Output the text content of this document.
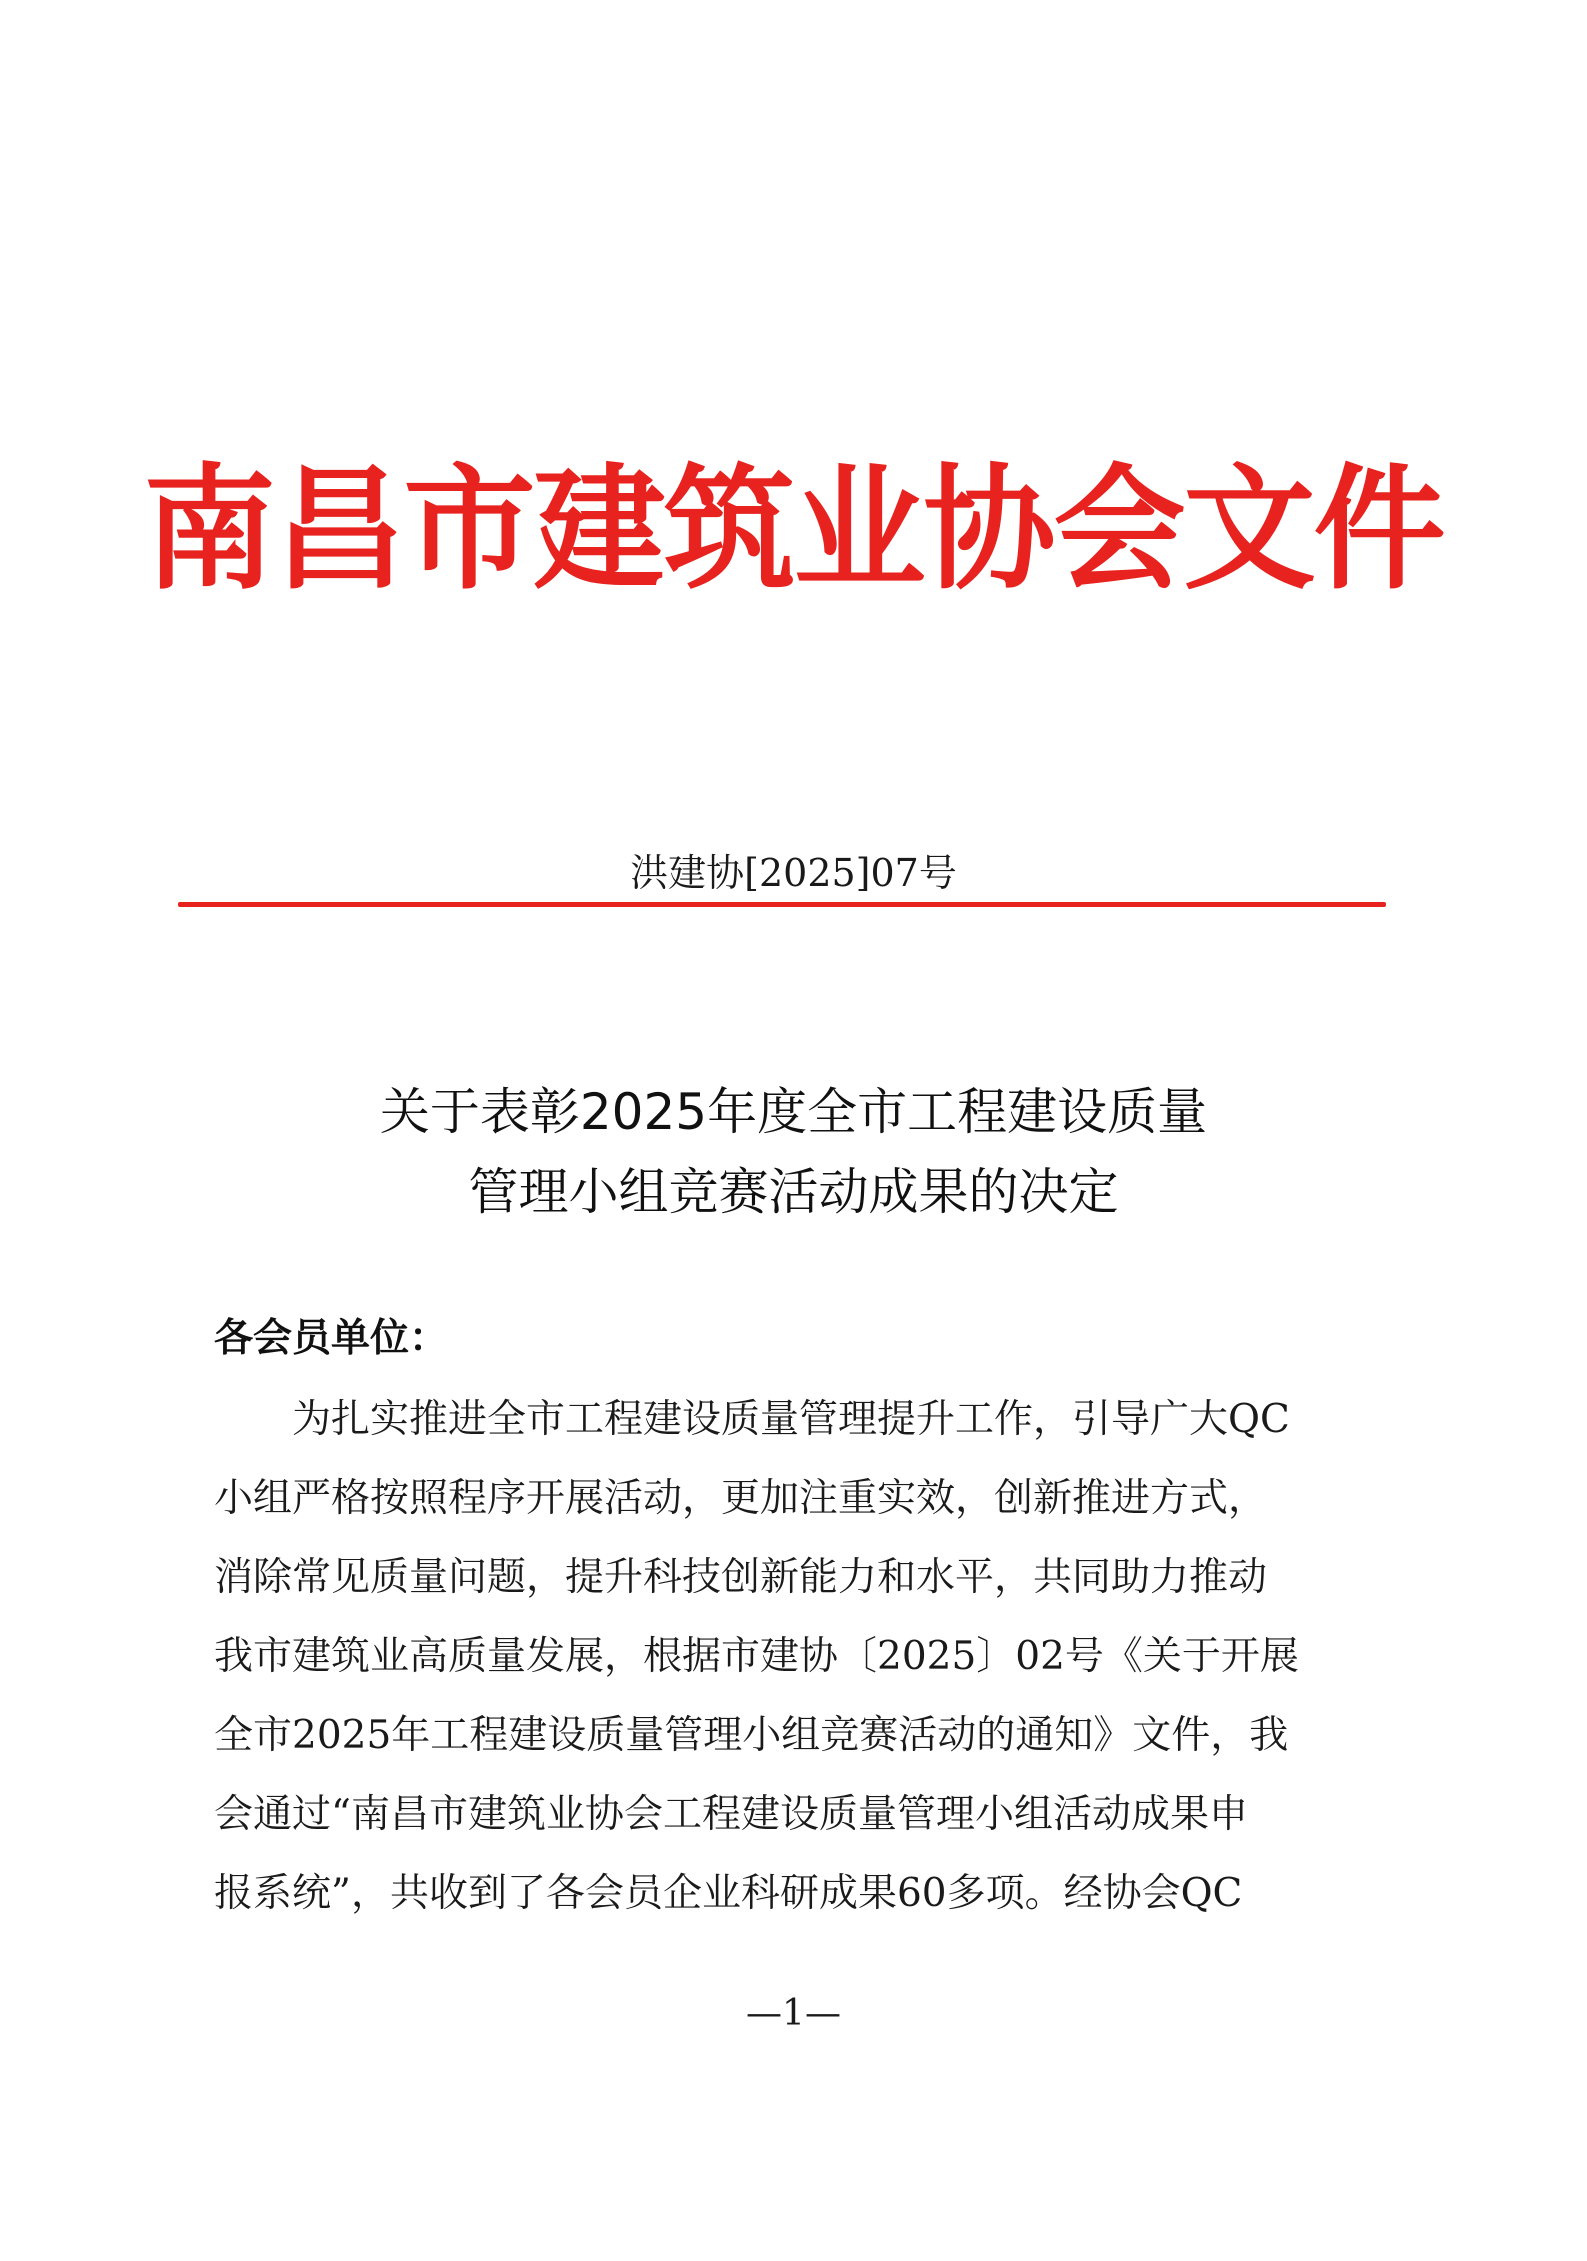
南昌市建筑业协会文件
洪建协[2025]07号
关于表彰2025年度全市工程建设质量
管理小组竞赛活动成果的决定
各会员单位：
为扎实推进全市工程建设质量管理提升工作，引导广大QC
小组严格按照程序开展活动，更加注重实效，创新推进方式，
消除常见质量问题，提升科技创新能力和水平，共同助力推动
我市建筑业高质量发展，根据市建协〔2025〕02号《关于开展
全市2025年工程建设质量管理小组竞赛活动的通知》文件，我
会通过“南昌市建筑业协会工程建设质量管理小组活动成果申
报系统”，共收到了各会员企业科研成果60多项。经协会QC
—1—
